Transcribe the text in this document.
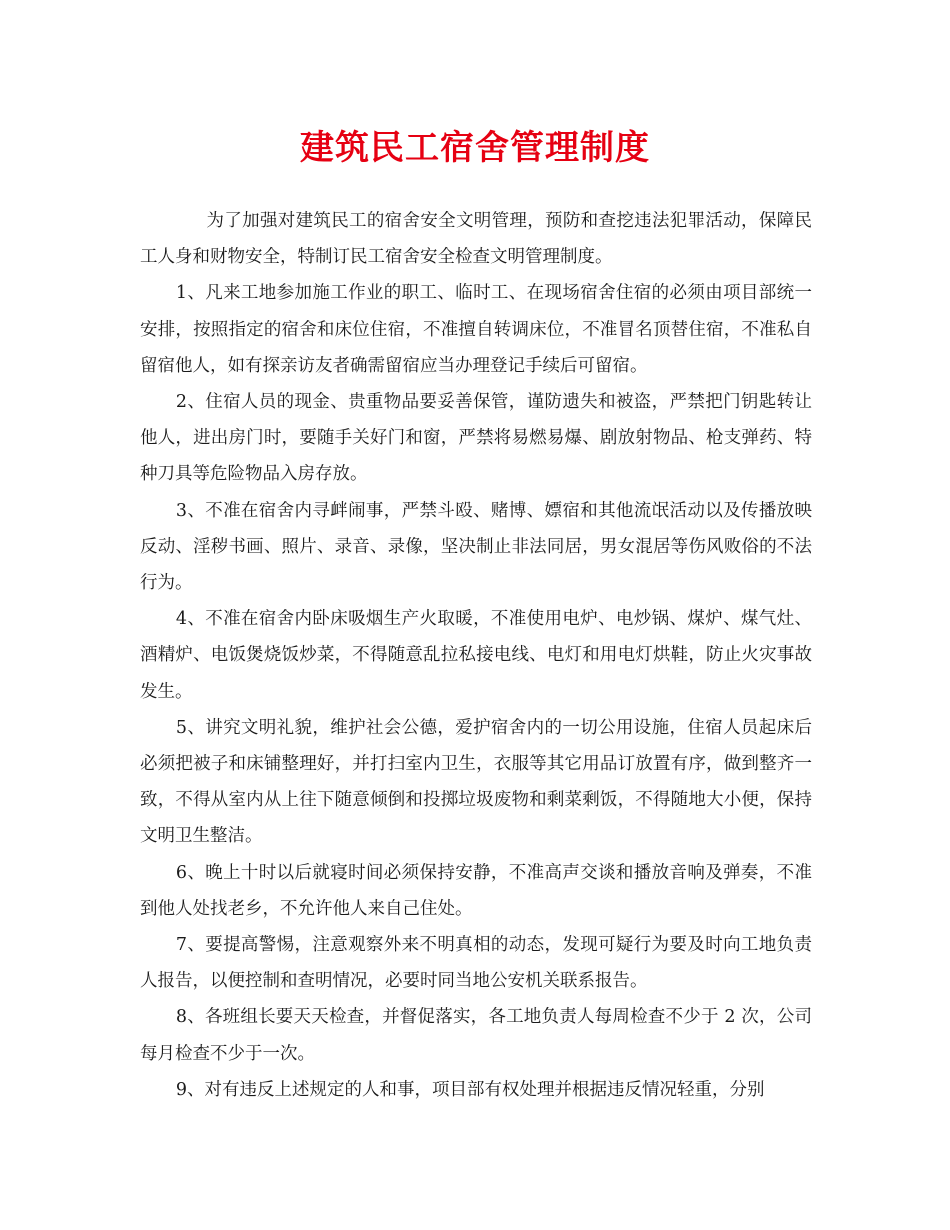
建筑民工宿舍管理制度

为了加强对建筑民工的宿舍安全文明管理，预防和查挖违法犯罪活动，保障民工人身和财物安全，特制订民工宿舍安全检查文明管理制度。

1、凡来工地参加施工作业的职工、临时工、在现场宿舍住宿的必须由项目部统一安排，按照指定的宿舍和床位住宿，不准擅自转调床位，不准冒名顶替住宿，不准私自留宿他人，如有探亲访友者确需留宿应当办理登记手续后可留宿。

2、住宿人员的现金、贵重物品要妥善保管，谨防遗失和被盗，严禁把门钥匙转让他人，进出房门时，要随手关好门和窗，严禁将易燃易爆、剧放射物品、枪支弹药、特种刀具等危险物品入房存放。

3、不准在宿舍内寻衅闹事，严禁斗殴、赌博、嫖宿和其他流氓活动以及传播放映反动、淫秽书画、照片、录音、录像，坚决制止非法同居，男女混居等伤风败俗的不法行为。

4、不准在宿舍内卧床吸烟生产火取暖，不准使用电炉、电炒锅、煤炉、煤气灶、酒精炉、电饭煲烧饭炒菜，不得随意乱拉私接电线、电灯和用电灯烘鞋，防止火灾事故发生。

5、讲究文明礼貌，维护社会公德，爱护宿舍内的一切公用设施，住宿人员起床后必须把被子和床铺整理好，并打扫室内卫生，衣服等其它用品订放置有序，做到整齐一致，不得从室内从上往下随意倾倒和投掷垃圾废物和剩菜剩饭，不得随地大小便，保持文明卫生整洁。

6、晚上十时以后就寝时间必须保持安静，不准高声交谈和播放音响及弹奏，不准到他人处找老乡，不允许他人来自己住处。

7、要提高警惕，注意观察外来不明真相的动态，发现可疑行为要及时向工地负责人报告，以便控制和查明情况，必要时同当地公安机关联系报告。

8、各班组长要天天检查，并督促落实，各工地负责人每周检查不少于 2 次，公司每月检查不少于一次。

9、对有违反上述规定的人和事，项目部有权处理并根据违反情况轻重，分别
